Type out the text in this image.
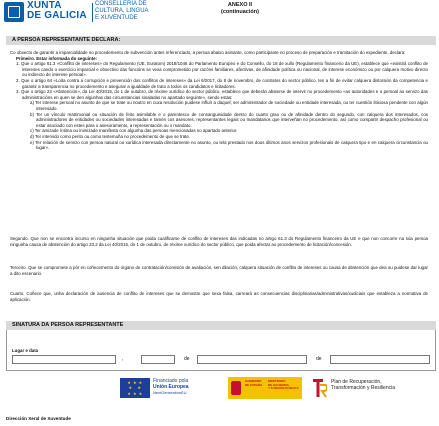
XUNTA
DE GALICIA
CONSELLERÍA DE
CULTURA, LINGUA
E XUVENTUDE
ANEXO II
(continuación)
A PERSOA REPRESENTANTE DECLARA:

Co obxecto de garantir a imparcialidade no procedemento de subvención antes referenciado, a persoa abaixo asinante, como participante no proceso de preparación e tramitación do expediente, declara:

Primeiro. Estar informada do seguinte:

1. Que o artigo 61.3 «Conflito de intereses» do Regulamento (UE, Euratom) 2018/1046 do Parlamento Europeo e do Consello, do 18 de xullo (Regulamento financeiro da UE), establece que «existirá conflito de intereses cando o exercicio imparcial e obxectivo das funcións se vexa comprometido por razóns familiares, afectivas, de afinidade política ou nacional, de interese económico ou por calquera motivo directo ou indirecto de interese persoal».

2. Que o artigo 64 «Loita contra a corrupción e prevención dos conflitos de intereses» da Lei 9/2017, do 8 de novembro, de contratos do sector público, ten a fin de evitar calquera distorsión da competencia e garantir a transparencia no procedemento e asegurar a igualdade de trato a todos os candidatos e licitadores.

3. Que o artigo 23 «Abstención», da Lei 40/2015, do 1 de outubro, de réxime xurídico do sector público, establece que deberán absterse de intervir no procedemento «as autoridades e o persoal ao servizo das administracións en quen se den algunhas das circunstancias sinaladas no apartado seguinte», sendo estas:

a) Ter interese persoal no asunto de que se trate ou noutro en cuxa resolución puidese influír a daquel; ser administrador de sociedade ou entidade interesada, ou ter cuestión litixiosa pendente con algún interesado.

b) Ter un vínculo matrimonial ou situación de feito asimilable e o parentesco de consanguinidade dentro do cuarto grao ou de afinidade dentro do segundo, con calquera dos interesados, cos administradores de entidades ou sociedades interesadas e tamén cos asesores, representantes legais ou mandatarios que interveñan no procedemento, así como compartir despacho profesional ou estar asociado con estes para o asesoramento, a representación ou o mandato.

c) Ter amizade íntima ou inimizade manifesta con algunha das persoas mencionadas no apartado anterior.

d) Ter intervido como perito ou como testemuña no procedemento de que se trate.

e) Ter relación de servizo con persoa natural ou xurídica interesada directamente no asunto, ou tela prestado nos dous últimos anos servizos profesionais de calquera tipo e en calquera circunstancia ou lugar».

Segundo. Que non se encontra incurso en ningunha situación que poida cualificarse de conflito de intereses das indicadas no artigo 61.3 do Regulamento financeiro da UE e que non concorre na súa persoa ningunha causa de abstención do artigo 23.2 da Lei 40/2015, do 1 de outubro, de réxime xurídico do sector público, que poida afectar ao procedemento de licitación/concesión.
Terceiro. Que se compromete a pór en coñecemento do órgano de contratación/comisión de avaliación, sen dilación, calquera situación de conflito de intereses ou causa de abstención que dea ou puidese dar lugar a dito escenario.
Cuarto. Coñece que, unha declaración de ausencia de conflito de intereses que se demostre que sexa falsa, carreará as consecuencias disciplinarias/administrativas/xudiciais que estableza a normativa de aplicación.
SINATURA DA PERSOA REPRESENTANTE
Lugar e data
,	de	de
★ ★ ★
★   ★
★ ★ ★
Financiado pola
Unión Europea
NextGenerationEU
GOBIERNO
DE ESPAÑA
MINISTERIO
DE HACIENDA
Y FUNCIÓN PÚBLICA
Plan de Recuperación,
Transformación y Resiliencia
Dirección Xeral de Xuventude
